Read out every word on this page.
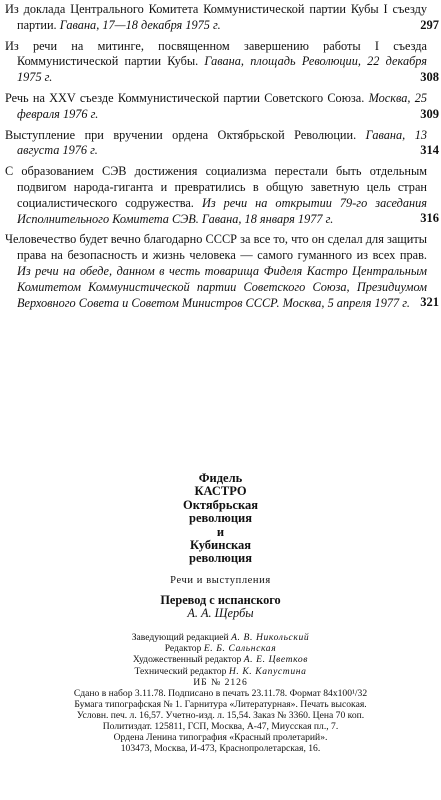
Из доклада Центрального Комитета Коммунистической партии Кубы I съезду партии. Гавана, 17—18 декабря 1975 г.	297
Из речи на митинге, посвященном завершению работы I съезда Коммунистической партии Кубы. Гавана, площадь Революции, 22 декабря 1975 г.	308
Речь на XXV съезде Коммунистической партии Советского Союза. Москва, 25 февраля 1976 г.	309
Выступление при вручении ордена Октябрьской Революции. Гавана, 13 августа 1976 г.	314
С образованием СЭВ достижения социализма перестали быть отдельным подвигом народа-гиганта и превратились в общую заветную цель стран социалистического содружества. Из речи на открытии 79-го заседания Исполнительного Комитета СЭВ. Гавана, 18 января 1977 г.	316
Человечество будет вечно благодарно СССР за все то, что он сделал для защиты права на безопасность и жизнь человека — самого гуманного из всех прав. Из речи на обеде, данном в честь товарища Фиделя Кастро Центральным Комитетом Коммунистической партии Советского Союза, Президиумом Верховного Совета и Советом Министров СССР. Москва, 5 апреля 1977 г. 321
Фидель
КАСТРО
Октябрьская
революция
и
Кубинская
революция
Речи и выступления
Перевод с испанского
А. А. Щербы
Заведующий редакцией А. В. Никольский
Редактор Е. Б. Сальнская
Художественный редактор А. Е. Цветков
Технический редактор Н. К. Капустина
ИБ № 2126
Сдано в набор 3.11.78. Подписано в печать 23.11.78. Формат 84х100¹/32
Бумага типографская № 1. Гарнитура «Литературная». Печать высокая.
Условн. печ. л. 16,57. Учетно-изд. л. 15,54. Заказ № 3360. Цена 70 коп.
Политиздат. 125811, ГСП, Москва, А-47, Миусская пл., 7.
Ордена Ленина типография «Красный пролетарий».
103473, Москва, И-473, Краснопролетарская, 16.
